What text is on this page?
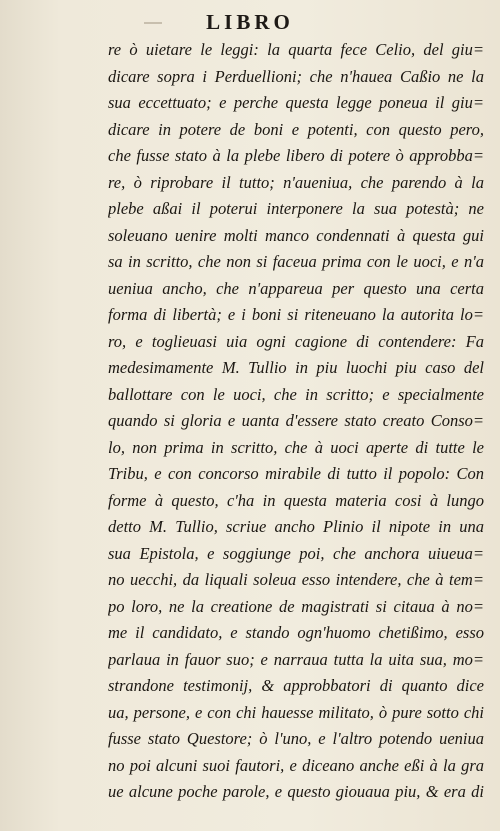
LIBRO
re ò uietare le leggi: la quarta fece Celio, del giu=
dicare sopra i Perduellioni; che n'hauea Caßio ne la
sua eccettuato; e perche questa legge poneua il giu=
dicare in potere de boni e potenti, con questo pero,
che fusse stato à la plebe libero di potere ò approbba=
re, ò riprobare il tutto; n'aueniua, che parendo à la
plebe aßai il poterui interponere la sua potestà; ne
soleuano uenire molti manco condennati à questa gui
sa in scritto, che non si faceua prima con le uoci, e n'a
ueniua ancho, che n'appareua per questo una certa
forma di libertà; e i boni si riteneuano la autorita lo=
ro, e toglieuasi uia ogni cagione di contendere: Fa
medesimamente M. Tullio in piu luochi piu caso del
ballottare con le uoci, che in scritto; e specialmente
quando si gloria e uanta d'essere stato creato Conso=
lo, non prima in scritto, che à uoci aperte di tutte le
Tribu, e con concorso mirabile di tutto il popolo: Con
forme à questo, c'ha in questa materia cosi à lungo
detto M. Tullio, scriue ancho Plinio il nipote in una
sua Epistola, e soggiunge poi, che anchora uiueua=
no uecchi, da liquali soleua esso intendere, che à tem=
po loro, ne la creatione de magistrati si citaua à no=
me il candidato, e stando ogn'huomo chetißimo, esso
parlaua in fauor suo; e narraua tutta la uita sua, mo=
strandone testimonij, & approbbatori di quanto dice
ua, persone, e con chi hauesse militato, ò pure sotto chi
fusse stato Questore; ò l'uno, e l'altro potendo ueniua
no poi alcuni suoi fautori, e diceano anche eßi à la gra
ue alcune poche parole, e questo giouaua piu, & era di
